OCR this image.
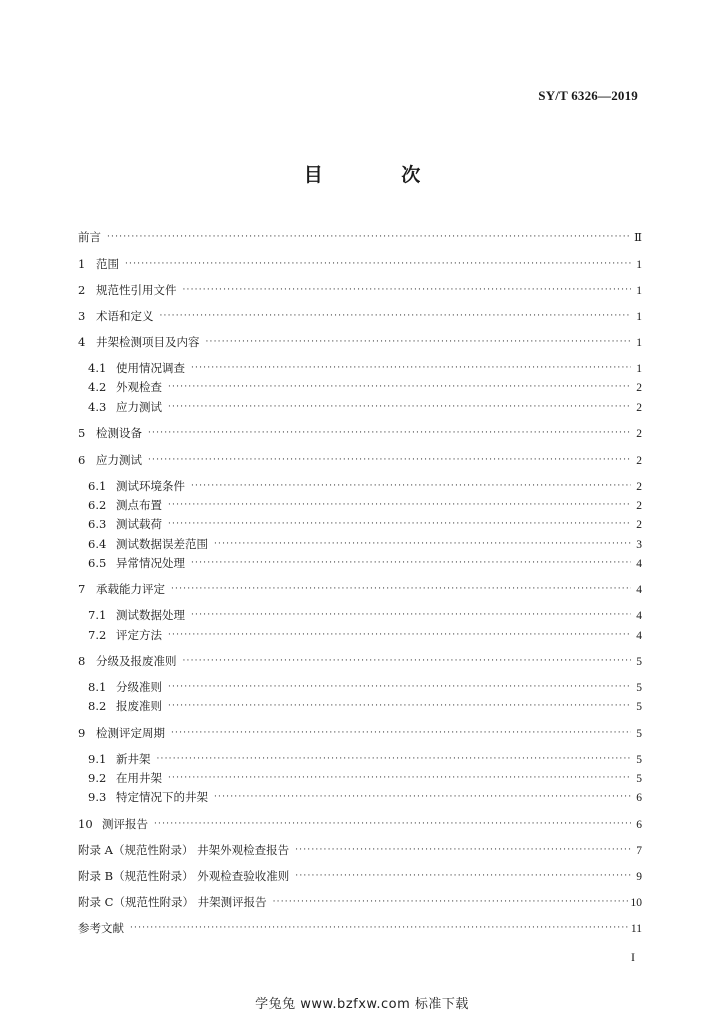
SY/T 6326—2019
目 次
前言 ·····	Ⅱ
1 范围 ·····	1
2 规范性引用文件 ·····	1
3 术语和定义 ·····	1
4 井架检测项目及内容 ·····	1
4.1 使用情况调查 ·····	1
4.2 外观检查 ·····	2
4.3 应力测试 ·····	2
5 检测设备 ·····	2
6 应力测试 ·····	2
6.1 测试环境条件 ·····	2
6.2 测点布置 ·····	2
6.3 测试载荷 ·····	2
6.4 测试数据误差范围 ·····	3
6.5 异常情况处理 ·····	4
7 承载能力评定 ·····	4
7.1 测试数据处理 ·····	4
7.2 评定方法 ·····	4
8 分级及报废准则 ·····	5
8.1 分级准则 ·····	5
8.2 报废准则 ·····	5
9 检测评定周期 ·····	5
9.1 新井架 ·····	5
9.2 在用井架 ·····	5
9.3 特定情况下的井架 ·····	6
10 测评报告 ·····	6
附录 A（规范性附录） 井架外观检查报告 ·····	7
附录 B（规范性附录） 外观检查验收准则 ·····	9
附录 C（规范性附录） 井架测评报告 ·····	10
参考文献 ·····	11
I
学兔兔 www.bzfxw.com 标准下载
